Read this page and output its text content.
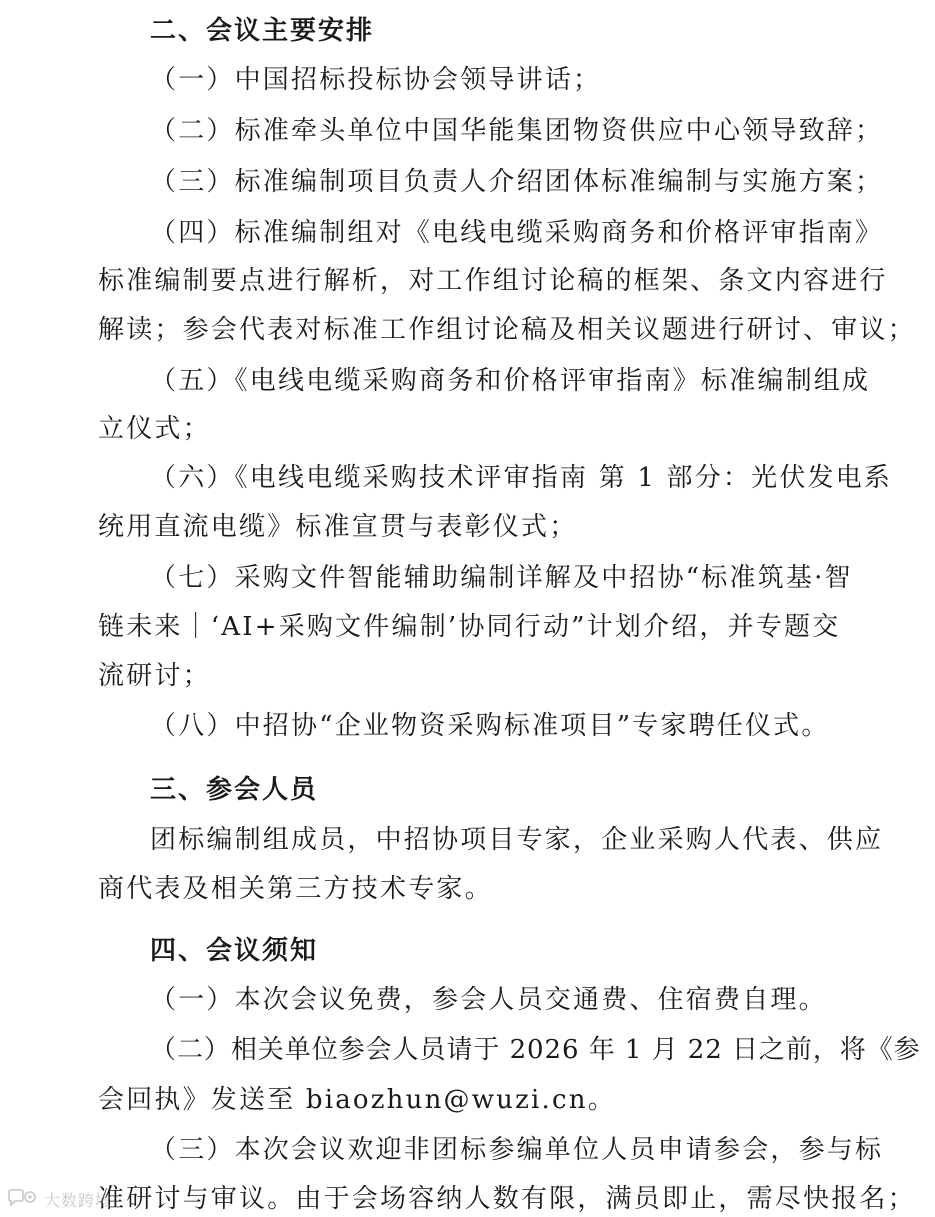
二、会议主要安排
（一）中国招标投标协会领导讲话；
（二）标准牵头单位中国华能集团物资供应中心领导致辞；
（三）标准编制项目负责人介绍团体标准编制与实施方案；
（四）标准编制组对《电线电缆采购商务和价格评审指南》
标准编制要点进行解析，对工作组讨论稿的框架、条文内容进行
解读；参会代表对标准工作组讨论稿及相关议题进行研讨、审议；
（五）《电线电缆采购商务和价格评审指南》标准编制组成
立仪式；
（六）《电线电缆采购技术评审指南 第 1 部分：光伏发电系
统用直流电缆》标准宣贯与表彰仪式；
（七）采购文件智能辅助编制详解及中招协“标准筑基·智
链未来｜‘AI+采购文件编制’协同行动”计划介绍，并专题交
流研讨；
（八）中招协“企业物资采购标准项目”专家聘任仪式。
三、参会人员
团标编制组成员，中招协项目专家，企业采购人代表、供应
商代表及相关第三方技术专家。
四、会议须知
（一）本次会议免费，参会人员交通费、住宿费自理。
（二）相关单位参会人员请于 2026 年 1 月 22 日之前，将《参
会回执》发送至 biaozhun@wuzi.cn。
（三）本次会议欢迎非团标参编单位人员申请参会，参与标
准研讨与审议。由于会场容纳人数有限，满员即止，需尽快报名；
大数跨境
